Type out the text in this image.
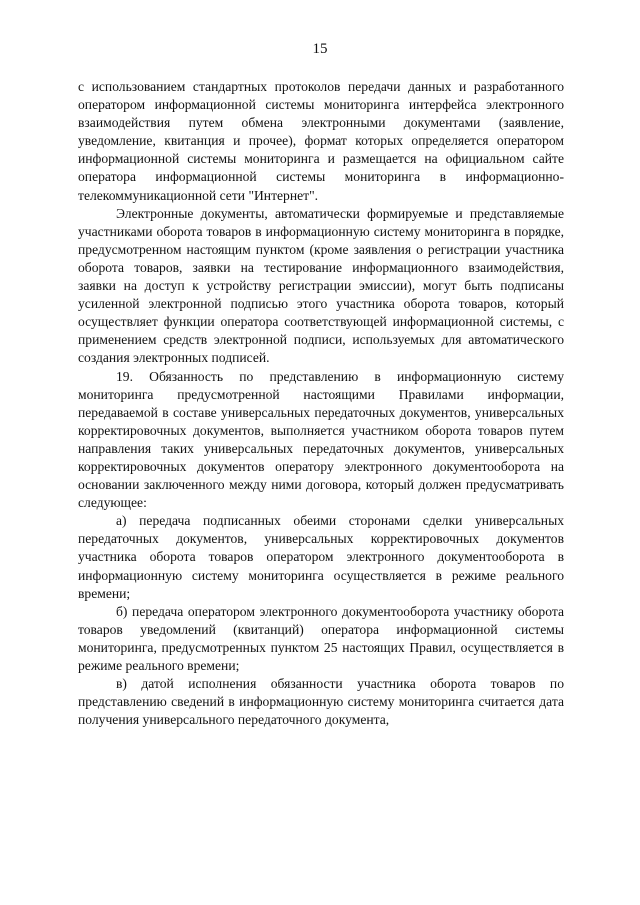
15

с использованием стандартных протоколов передачи данных и разработанного оператором информационной системы мониторинга интерфейса электронного взаимодействия путем обмена электронными документами (заявление, уведомление, квитанция и прочее), формат которых определяется оператором информационной системы мониторинга и размещается на официальном сайте оператора информационной системы мониторинга в информационно-телекоммуникационной сети "Интернет".

Электронные документы, автоматически формируемые и представляемые участниками оборота товаров в информационную систему мониторинга в порядке, предусмотренном настоящим пунктом (кроме заявления о регистрации участника оборота товаров, заявки на тестирование информационного взаимодействия, заявки на доступ к устройству регистрации эмиссии), могут быть подписаны усиленной электронной подписью этого участника оборота товаров, который осуществляет функции оператора соответствующей информационной системы, с применением средств электронной подписи, используемых для автоматического создания электронных подписей.

19. Обязанность по представлению в информационную систему мониторинга предусмотренной настоящими Правилами информации, передаваемой в составе универсальных передаточных документов, универсальных корректировочных документов, выполняется участником оборота товаров путем направления таких универсальных передаточных документов, универсальных корректировочных документов оператору электронного документооборота на основании заключенного между ними договора, который должен предусматривать следующее:

а) передача подписанных обеими сторонами сделки универсальных передаточных документов, универсальных корректировочных документов участника оборота товаров оператором электронного документооборота в информационную систему мониторинга осуществляется в режиме реального времени;

б) передача оператором электронного документооборота участнику оборота товаров уведомлений (квитанций) оператора информационной системы мониторинга, предусмотренных пунктом 25 настоящих Правил, осуществляется в режиме реального времени;

в) датой исполнения обязанности участника оборота товаров по представлению сведений в информационную систему мониторинга считается дата получения универсального передаточного документа,
